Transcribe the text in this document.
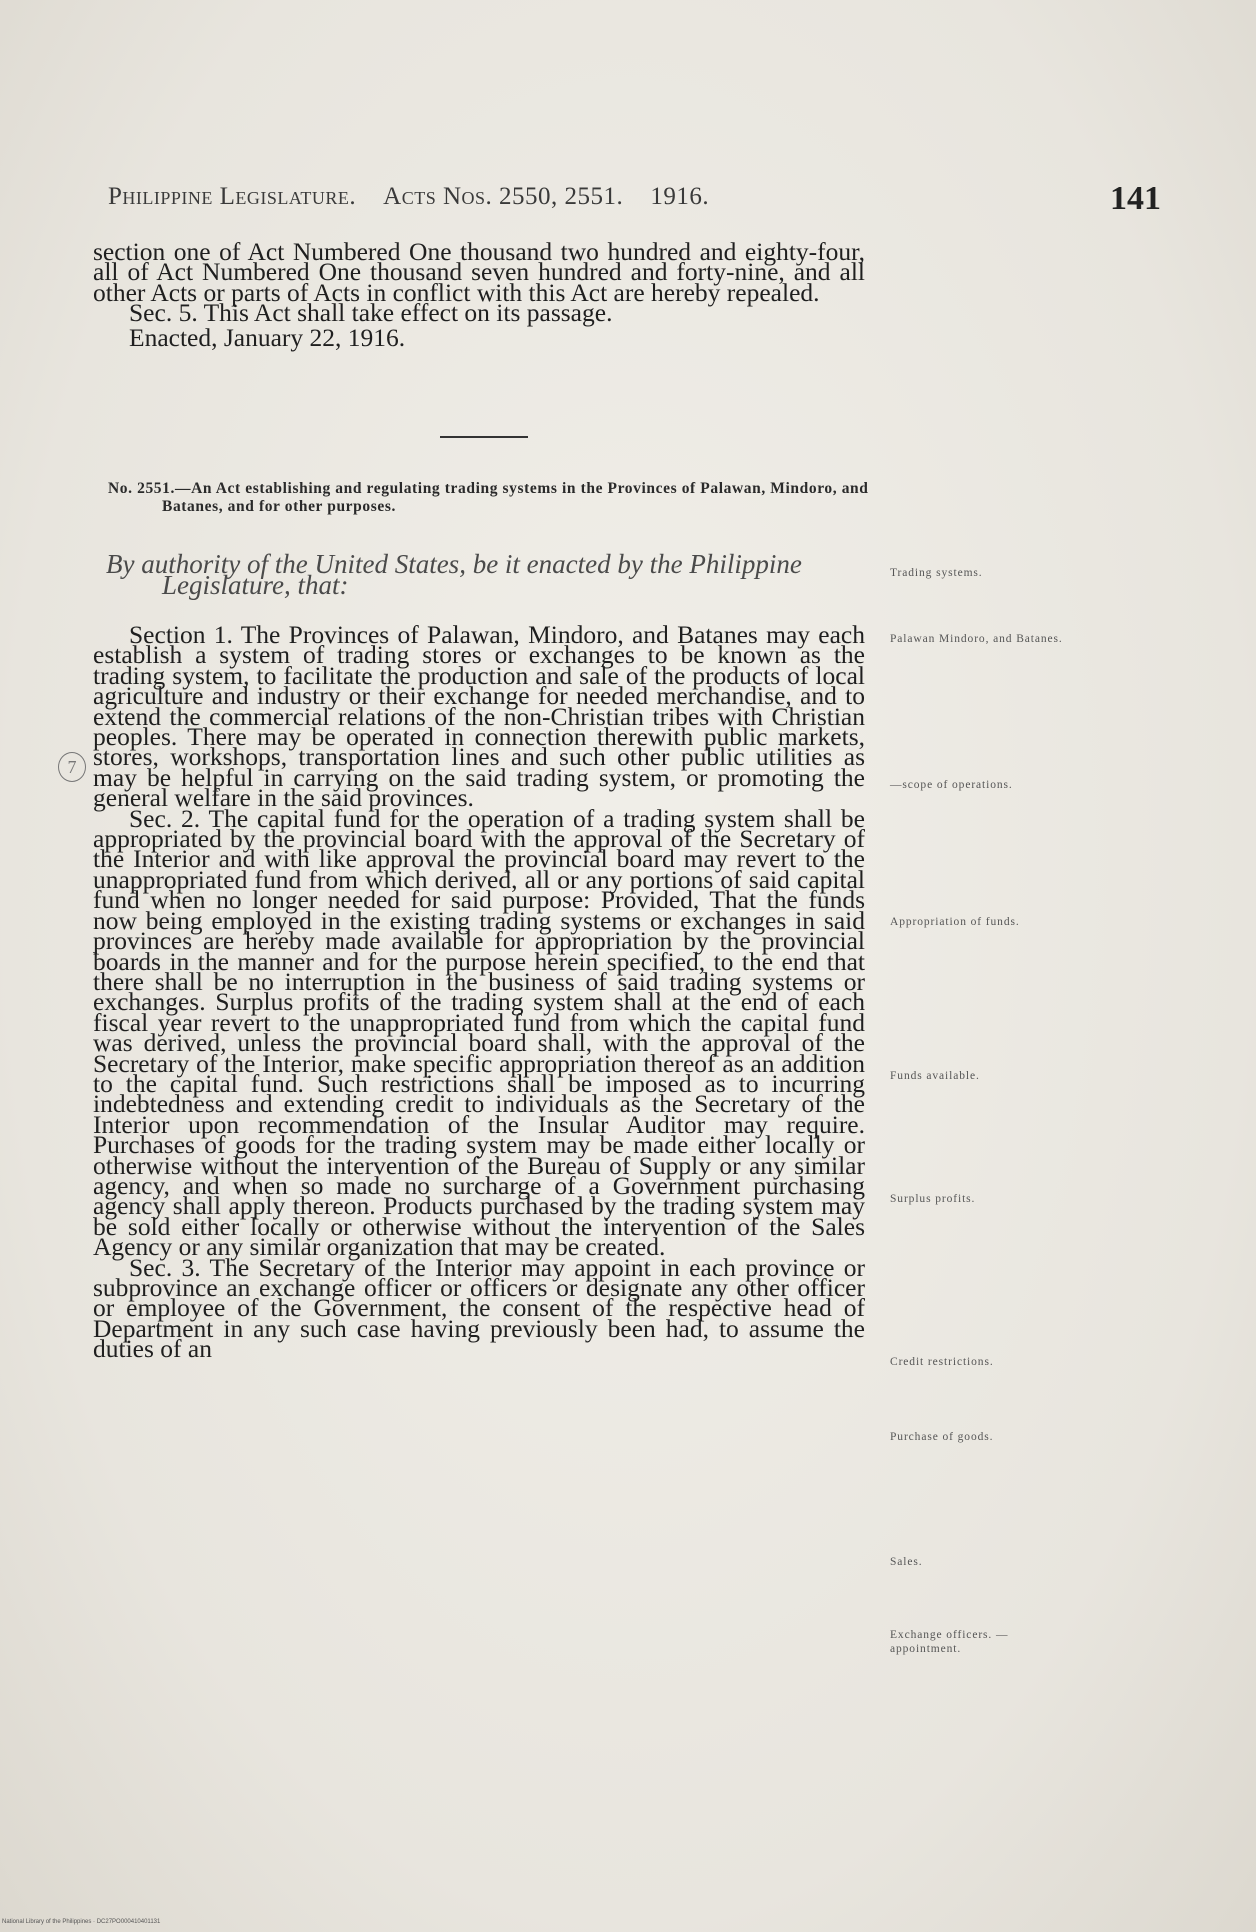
Philippine Legislature. Acts Nos. 2550, 2551. 1916.	141

section one of Act Numbered One thousand two hundred and eighty-four, all of Act Numbered One thousand seven hundred and forty-nine, and all other Acts or parts of Acts in conflict with this Act are hereby repealed.

Sec. 5. This Act shall take effect on its passage.

Enacted, January 22, 1916.

No. 2551.—An Act establishing and regulating trading systems in the Provinces of Palawan, Mindoro, and Batanes, and for other purposes.
By authority of the United States, be it enacted by the Philippine Legislature, that:
7

Section 1. The Provinces of Palawan, Mindoro, and Batanes may each establish a system of trading stores or exchanges to be known as the trading system, to facilitate the production and sale of the products of local agriculture and industry or their exchange for needed merchandise, and to extend the commercial relations of the non-Christian tribes with Christian peoples. There may be operated in connection therewith public markets, stores, workshops, transportation lines and such other public utilities as may be helpful in carrying on the said trading system, or promoting the general welfare in the said provinces.

Sec. 2. The capital fund for the operation of a trading system shall be appropriated by the provincial board with the approval of the Secretary of the Interior and with like approval the provincial board may revert to the unappropriated fund from which derived, all or any portions of said capital fund when no longer needed for said purpose: Provided, That the funds now being employed in the existing trading systems or exchanges in said provinces are hereby made available for appropriation by the provincial boards in the manner and for the purpose herein specified, to the end that there shall be no interruption in the business of said trading systems or exchanges. Surplus profits of the trading system shall at the end of each fiscal year revert to the unappropriated fund from which the capital fund was derived, unless the provincial board shall, with the approval of the Secretary of the Interior, make specific appropriation thereof as an addition to the capital fund. Such restrictions shall be imposed as to incurring indebtedness and extending credit to individuals as the Secretary of the Interior upon recommendation of the Insular Auditor may require. Purchases of goods for the trading system may be made either locally or otherwise without the intervention of the Bureau of Supply or any similar agency, and when so made no surcharge of a Government purchasing agency shall apply thereon. Products purchased by the trading system may be sold either locally or otherwise without the intervention of the Sales Agency or any similar organization that may be created.

Sec. 3. The Secretary of the Interior may appoint in each province or subprovince an exchange officer or officers or designate any other officer or employee of the Government, the consent of the respective head of Department in any such case having previously been had, to assume the duties of an

Trading systems.
Palawan Mindoro, and Batanes.
—scope of operations.
Appropriation of funds.
Funds available.
Surplus profits.
Credit restrictions.
Purchase of goods.
Sales.
Exchange officers. —appointment.
National Library of the Philippines · DC27PO000410401131
